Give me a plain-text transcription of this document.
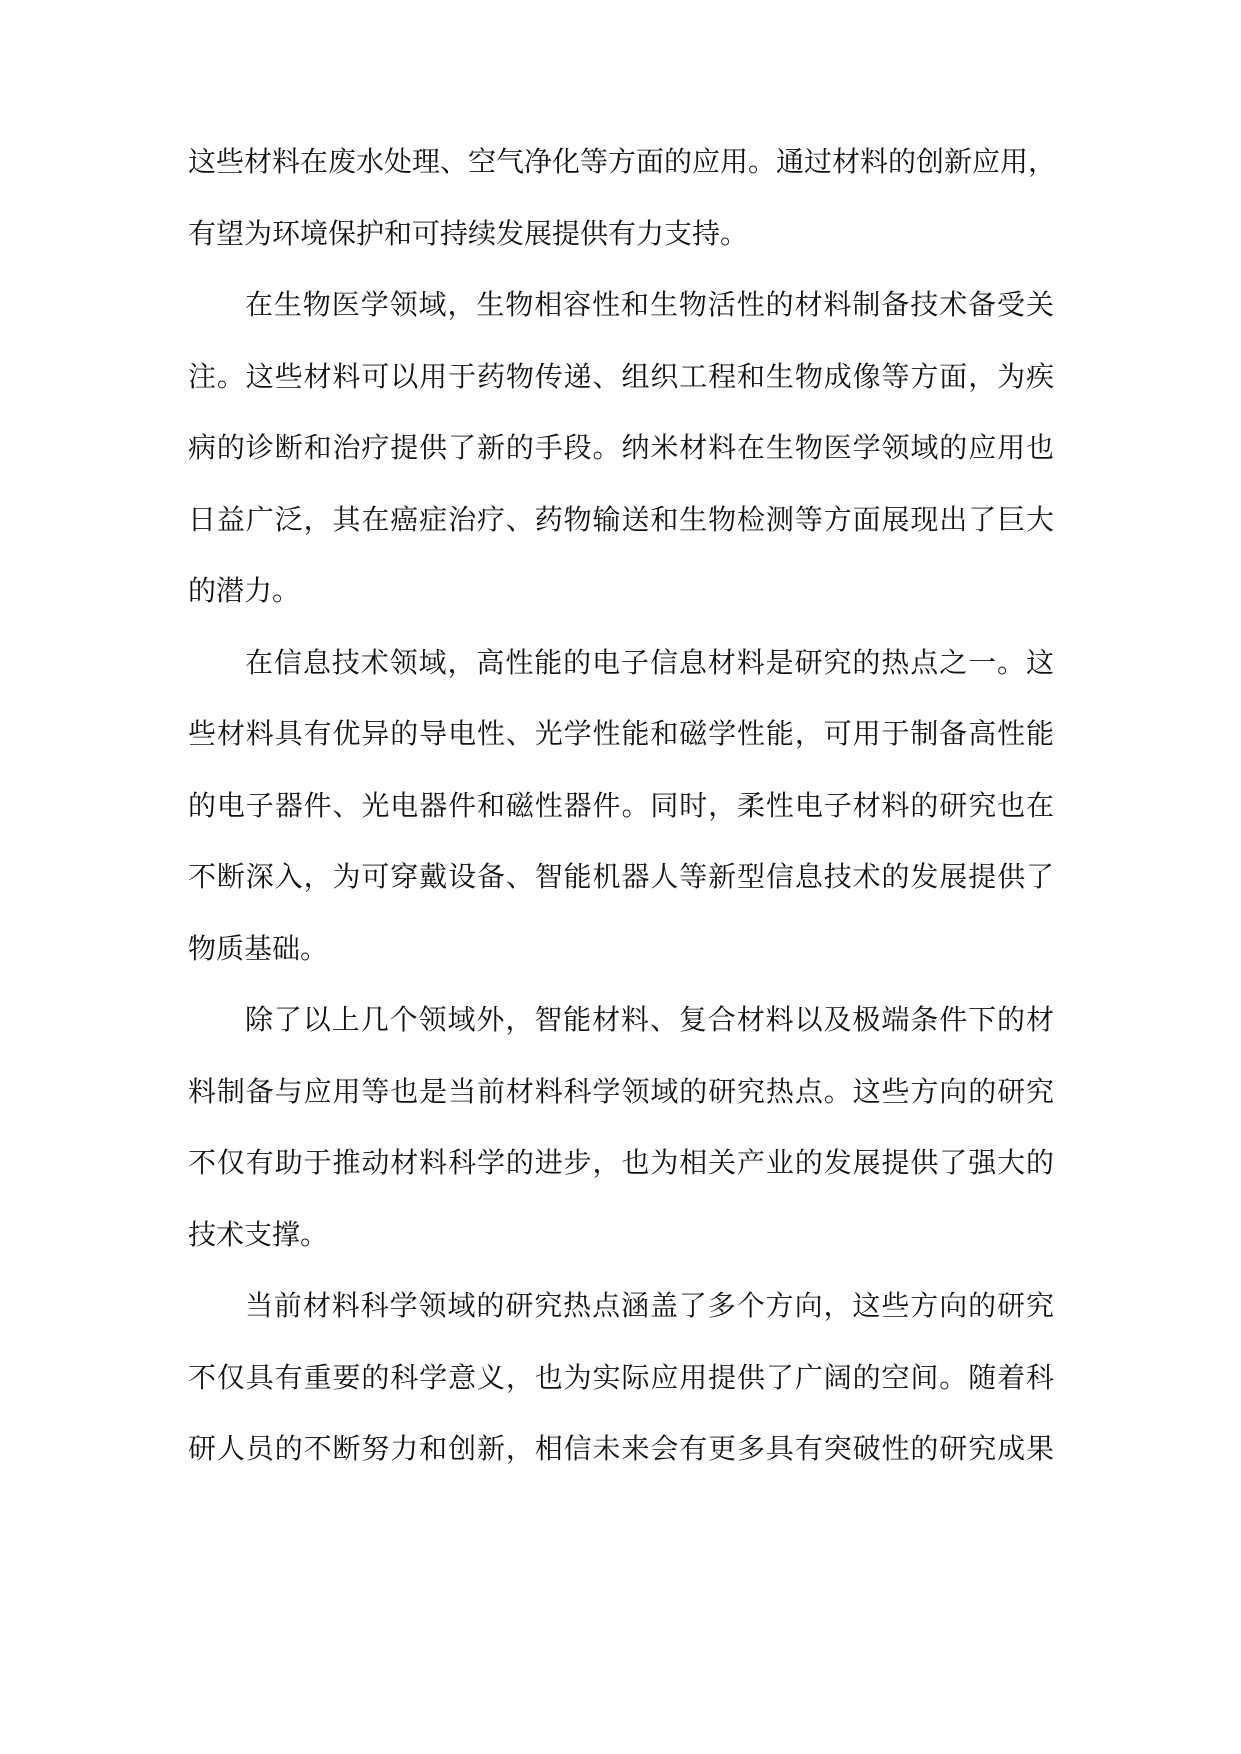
这些材料在废水处理、空气净化等方面的应用。通过材料的创新应用，
有望为环境保护和可持续发展提供有力支持。
在生物医学领域，生物相容性和生物活性的材料制备技术备受关
注。这些材料可以用于药物传递、组织工程和生物成像等方面，为疾
病的诊断和治疗提供了新的手段。纳米材料在生物医学领域的应用也
日益广泛，其在癌症治疗、药物输送和生物检测等方面展现出了巨大
的潜力。
在信息技术领域，高性能的电子信息材料是研究的热点之一。这
些材料具有优异的导电性、光学性能和磁学性能，可用于制备高性能
的电子器件、光电器件和磁性器件。同时，柔性电子材料的研究也在
不断深入，为可穿戴设备、智能机器人等新型信息技术的发展提供了
物质基础。
除了以上几个领域外，智能材料、复合材料以及极端条件下的材
料制备与应用等也是当前材料科学领域的研究热点。这些方向的研究
不仅有助于推动材料科学的进步，也为相关产业的发展提供了强大的
技术支撑。
当前材料科学领域的研究热点涵盖了多个方向，这些方向的研究
不仅具有重要的科学意义，也为实际应用提供了广阔的空间。随着科
研人员的不断努力和创新，相信未来会有更多具有突破性的研究成果
